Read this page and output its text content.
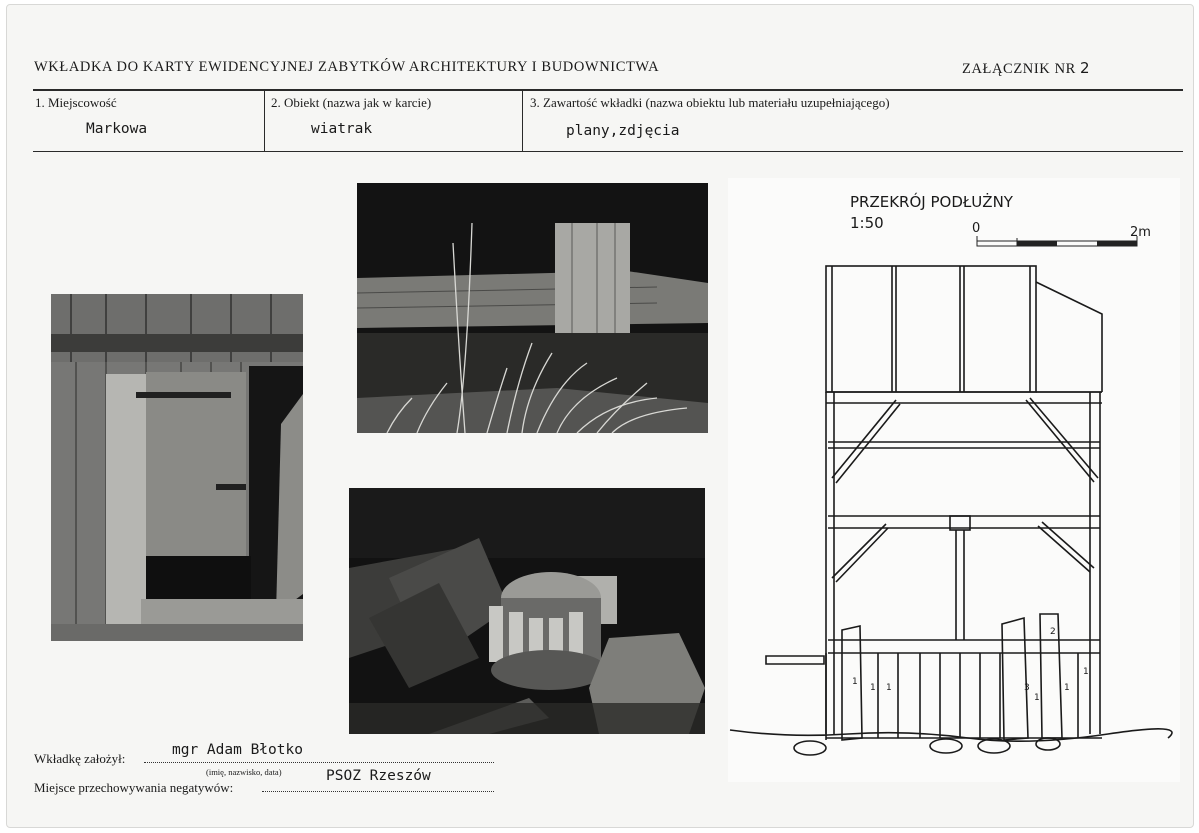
WKŁADKA DO KARTY EWIDENCYJNEJ ZABYTKÓW ARCHITEKTURY I BUDOWNICTWA	ZAŁĄCZNIK NR 2
1. Miejscowość
Markowa
2. Obiekt (nazwa jak w karcie)
wiatrak
3. Zawartość wkładki (nazwa obiektu lub materiału uzupełniającego)
plany,zdjęcia
PRZEKRÓJ PODŁUŻNY
1:50	0	2m
1
1 1
2
3
1
1
1
Wkładkę założył:
mgr Adam Błotko
(imię, nazwisko, data)
Miejsce przechowywania negatywów:
PSOZ Rzeszów
